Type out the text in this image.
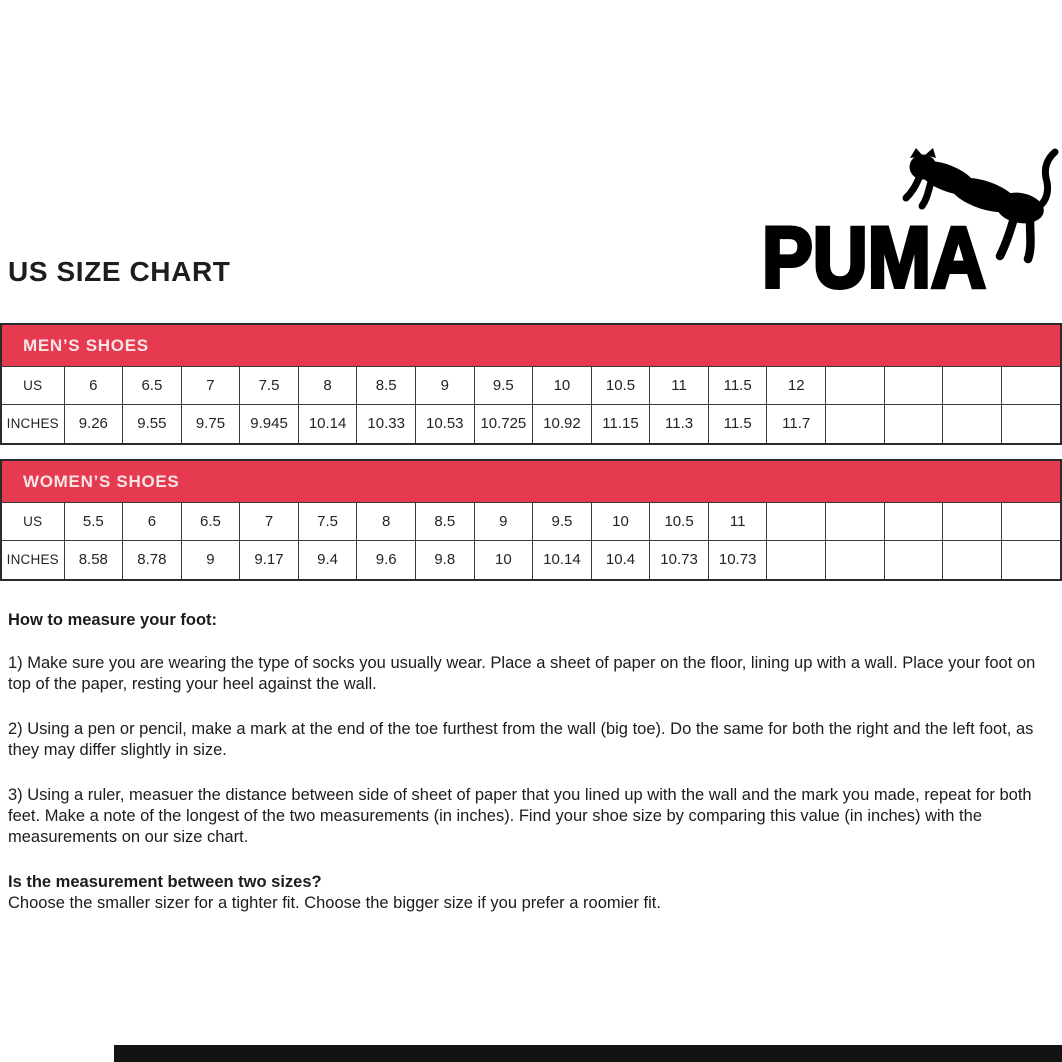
PUMA
US SIZE CHART
MEN’S SHOES
US	6	6.5	7	7.5	8	8.5	9	9.5	10	10.5	11	11.5	12				
INCHES	9.26	9.55	9.75	9.945	10.14	10.33	10.53	10.725	10.92	11.15	11.3	11.5	11.7				
WOMEN’S SHOES
US	5.5	6	6.5	7	7.5	8	8.5	9	9.5	10	10.5	11					
INCHES	8.58	8.78	9	9.17	9.4	9.6	9.8	10	10.14	10.4	10.73	10.73					
How to measure your foot:

1) Make sure you are wearing the type of socks you usually wear. Place a sheet of paper on the floor, lining up with a wall. Place your foot on top of the paper, resting your heel against the wall.

2) Using a pen or pencil, make a mark at the end of the toe furthest from the wall (big toe). Do the same for both the right and the left foot, as they may differ slightly in size.

3) Using a ruler, measuer the distance between side of sheet of paper that you lined up with the wall and the mark you made, repeat for both feet. Make a note of the longest of the two measurements (in inches). Find your shoe size by comparing this value (in inches) with the measurements on our size chart.

Is the measurement between two sizes?

Choose the smaller sizer for a tighter fit. Choose the bigger size if you prefer a roomier fit.
